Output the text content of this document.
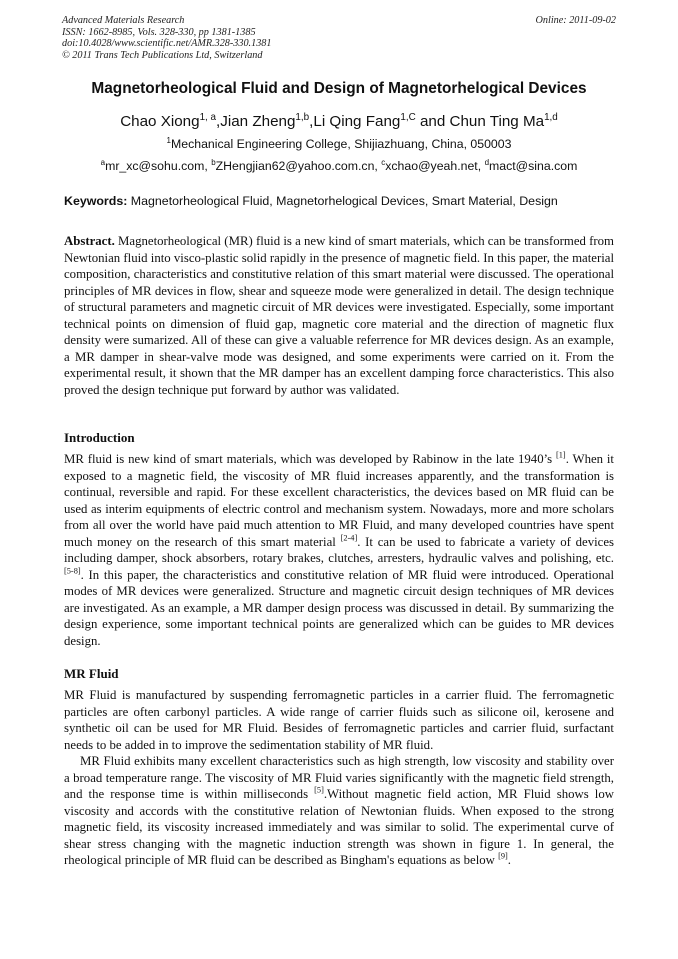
Advanced Materials Research
ISSN: 1662-8985, Vols. 328-330, pp 1381-1385
doi:10.4028/www.scientific.net/AMR.328-330.1381
© 2011 Trans Tech Publications Ltd, Switzerland
Online: 2011-09-02
Magnetorheological Fluid and Design of Magnetorhelogical Devices
Chao Xiong$^{1, a}$,Jian Zheng$^{1,b}$,Li Qing Fang$^{1,C}$ and Chun Ting Ma$^{1,d}$
$^1$Mechanical Engineering College, Shijiazhuang, China, 050003
$^a$mr_xc@sohu.com, $^b$ZHengjian62@yahoo.com.cn, $^c$xchao@yeah.net, $^d$mact@sina.com
Keywords: Magnetorheological Fluid, Magnetorhelogical Devices, Smart Material, Design

Abstract. Magnetorheological (MR) fluid is a new kind of smart materials, which can be transformed from Newtonian fluid into visco-plastic solid rapidly in the presence of magnetic field. In this paper, the material composition, characteristics and constitutive relation of this smart material were discussed. The operational principles of MR devices in flow, shear and squeeze mode were generalized in detail. The design technique of structural parameters and magnetic circuit of MR devices were investigated. Especially, some important technical points on dimension of fluid gap, magnetic core material and the direction of magnetic flux density were sumarized. All of these can give a valuable referrence for MR devices design. As an example, a MR damper in shear-valve mode was designed, and some experiments were carried on it. From the experimental result, it shown that the MR damper has an excellent damping force characteristics. This also proved the design technique put forward by author was validated.

Introduction

MR fluid is new kind of smart materials, which was developed by Rabinow in the late 1940’s [1]. When it exposed to a magnetic field, the viscosity of MR fluid increases apparently, and the transformation is continual, reversible and rapid. For these excellent characteristics, the devices based on MR fluid can be used as interim equipments of electric control and mechanism system. Nowadays, more and more scholars from all over the world have paid much attention to MR Fluid, and many developed countries have spent much money on the research of this smart material [2-4]. It can be used to fabricate a variety of devices including damper, shock absorbers, rotary brakes, clutches, arresters, hydraulic valves and polishing, etc. [5-8]. In this paper, the characteristics and constitutive relation of MR fluid were introduced. Operational modes of MR devices were generalized. Structure and magnetic circuit design techniques of MR devices are investigated. As an example, a MR damper design process was discussed in detail. By summarizing the design experience, some important technical points are generalized which can be guides to MR devices design.

MR Fluid

MR Fluid is manufactured by suspending ferromagnetic particles in a carrier fluid. The ferromagnetic particles are often carbonyl particles. A wide range of carrier fluids such as silicone oil, kerosene and synthetic oil can be used for MR Fluid. Besides of ferromagnetic particles and carrier fluid, surfactant needs to be added in to improve the sedimentation stability of MR fluid.

MR Fluid exhibits many excellent characteristics such as high strength, low viscosity and stability over a broad temperature range. The viscosity of MR Fluid varies significantly with the magnetic field strength, and the response time is within milliseconds [5].Without magnetic field action, MR Fluid shows low viscosity and accords with the constitutive relation of Newtonian fluids. When exposed to the strong magnetic field, its viscosity increased immediately and was similar to solid. The experimental curve of shear stress changing with the magnetic induction strength was shown in figure 1. In general, the rheological principle of MR fluid can be described as Bingham's equations as below [9].
